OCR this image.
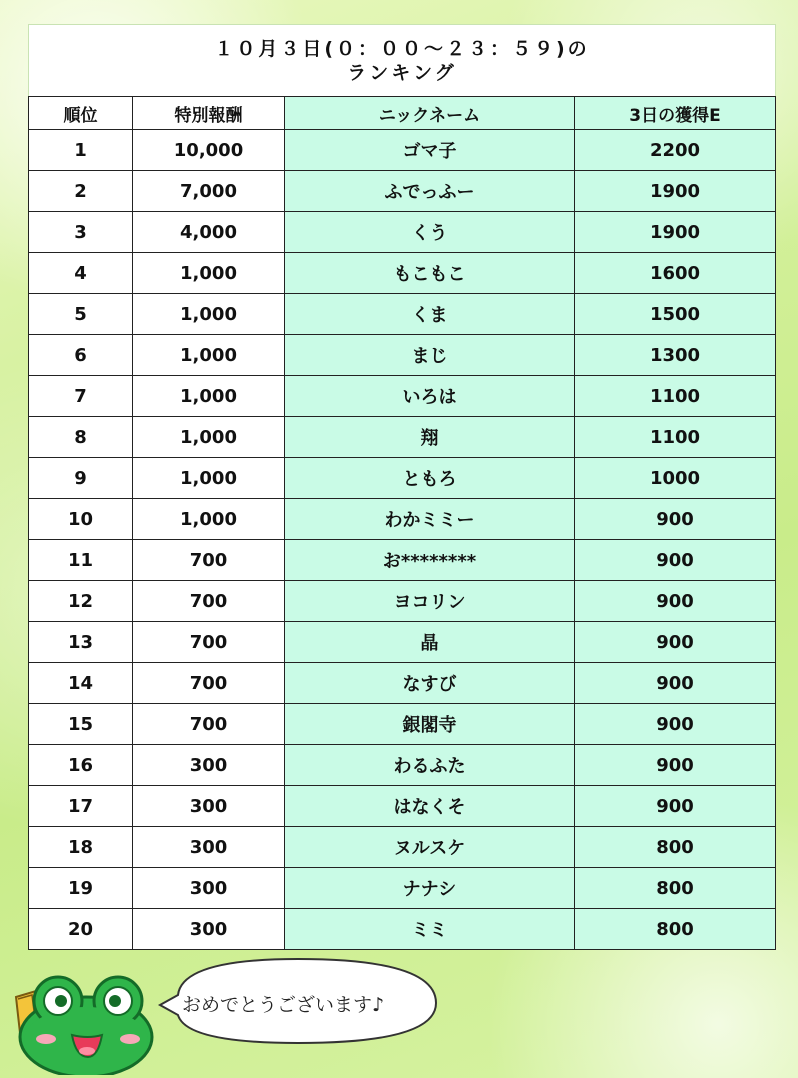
１０月３日(０：００～２３：５９)の
ランキング
順位	特別報酬	ニックネーム	3日の獲得E
1	10,000	ゴマ子	2200
2	7,000	ふでっふー	1900
3	4,000	くう	1900
4	1,000	もこもこ	1600
5	1,000	くま	1500
6	1,000	まじ	1300
7	1,000	いろは	1100
8	1,000	翔	1100
9	1,000	ともろ	1000
10	1,000	わかミミー	900
11	700	お********	900
12	700	ヨコリン	900
13	700	晶	900
14	700	なすび	900
15	700	銀閣寺	900
16	300	わるふた	900
17	300	はなくそ	900
18	300	ヌルスケ	800
19	300	ナナシ	800
20	300	ミミ	800
おめでとうございます♪
